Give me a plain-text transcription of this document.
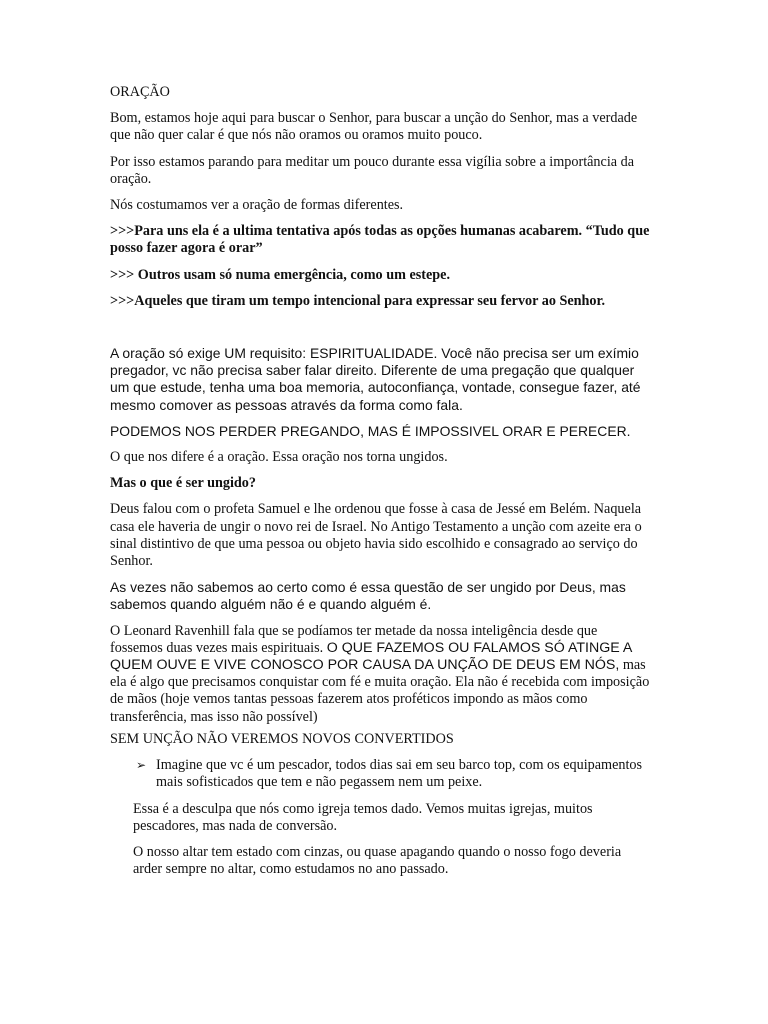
ORAÇÃO

Bom, estamos hoje aqui para buscar o Senhor, para buscar a unção do Senhor, mas a verdade que não quer calar é que nós não oramos ou oramos muito pouco.

Por isso estamos parando para meditar um pouco durante essa vigília sobre a importância da oração.

Nós costumamos ver a oração de formas diferentes.

>>>Para uns ela é a ultima tentativa após todas as opções humanas acabarem. “Tudo que posso fazer agora é orar”

>>> Outros usam só numa emergência, como um estepe.

>>>Aqueles que tiram um tempo intencional para expressar seu fervor ao Senhor.

A oração só exige UM requisito: ESPIRITUALIDADE. Você não precisa ser um exímio pregador, vc não precisa saber falar direito. Diferente de uma pregação que qualquer um que estude, tenha uma boa memoria, autoconfiança, vontade, consegue fazer, até mesmo comover as pessoas através da forma como fala.

PODEMOS NOS PERDER PREGANDO, MAS É IMPOSSIVEL ORAR E PERECER.

O que nos difere é a oração. Essa oração nos torna ungidos.

Mas o que é ser ungido?

Deus falou com o profeta Samuel e lhe ordenou que fosse à casa de Jessé em Belém. Naquela casa ele haveria de ungir o novo rei de Israel. No Antigo Testamento a unção com azeite era o sinal distintivo de que uma pessoa ou objeto havia sido escolhido e consagrado ao serviço do Senhor.

As vezes não sabemos ao certo como é essa questão de ser ungido por Deus, mas sabemos quando alguém não é e quando alguém é.

O Leonard Ravenhill fala que se podíamos ter metade da nossa inteligência desde que fossemos duas vezes mais espirituais. O QUE FAZEMOS OU FALAMOS SÓ ATINGE A QUEM OUVE E VIVE CONOSCO POR CAUSA DA UNÇÃO DE DEUS EM NÓS, mas ela é algo que precisamos conquistar com fé e muita oração. Ela não é recebida com imposição de mãos (hoje vemos tantas pessoas fazerem atos proféticos impondo as mãos como transferência, mas isso não possível)

SEM UNÇÃO NÃO VEREMOS NOVOS CONVERTIDOS

➢ Imagine que vc é um pescador, todos dias sai em seu barco top, com os equipamentos mais sofisticados que tem e não pegassem nem um peixe.

Essa é a desculpa que nós como igreja temos dado. Vemos muitas igrejas, muitos pescadores, mas nada de conversão.

O nosso altar tem estado com cinzas, ou quase apagando quando o nosso fogo deveria arder sempre no altar, como estudamos no ano passado.
